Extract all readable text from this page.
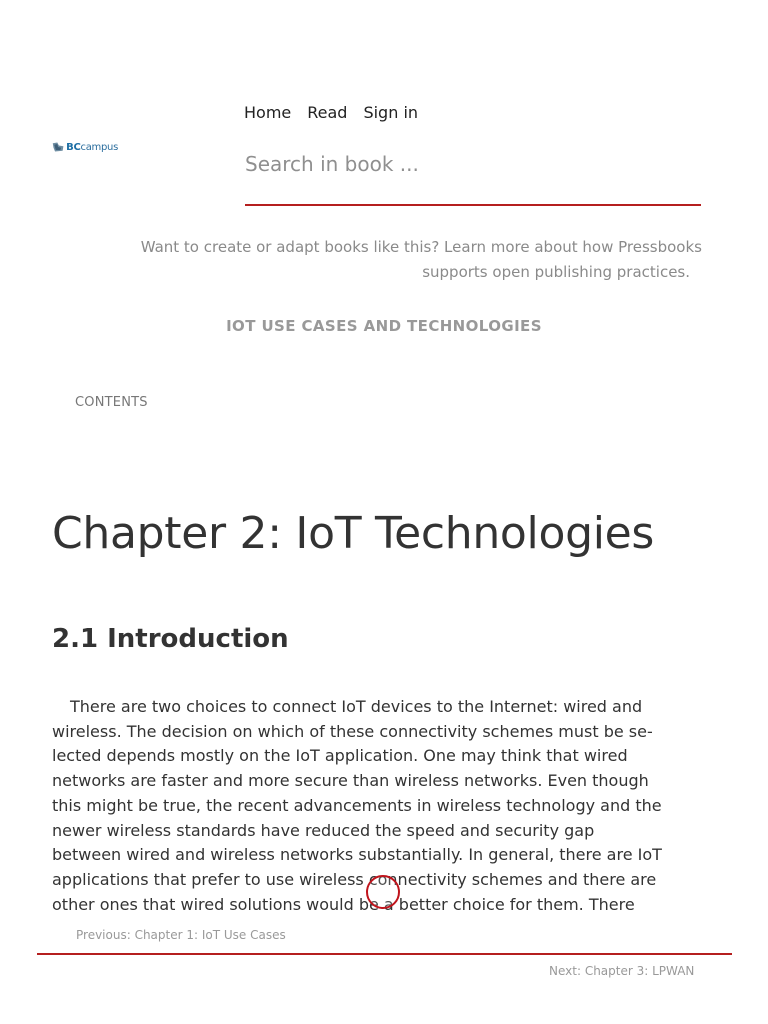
BCcampus
Home Read Sign in
Search in book ...
Want to create or adapt books like this? Learn more about how Pressbooks
supports open publishing practices.
IOT USE CASES AND TECHNOLOGIES
CONTENTS
Chapter 2: IoT Technologies
2.1 Introduction
There are two choices to connect IoT devices to the Internet: wired and
wireless. The decision on which of these connectivity schemes must be se-
lected depends mostly on the IoT application. One may think that wired
networks are faster and more secure than wireless networks. Even though
this might be true, the recent advancements in wireless technology and the
newer wireless standards have reduced the speed and security gap
between wired and wireless networks substantially. In general, there are IoT
applications that prefer to use wireless connectivity schemes and there are
other ones that wired solutions would be a better choice for them. There
Previous: Chapter 1: IoT Use Cases
Next: Chapter 3: LPWAN
